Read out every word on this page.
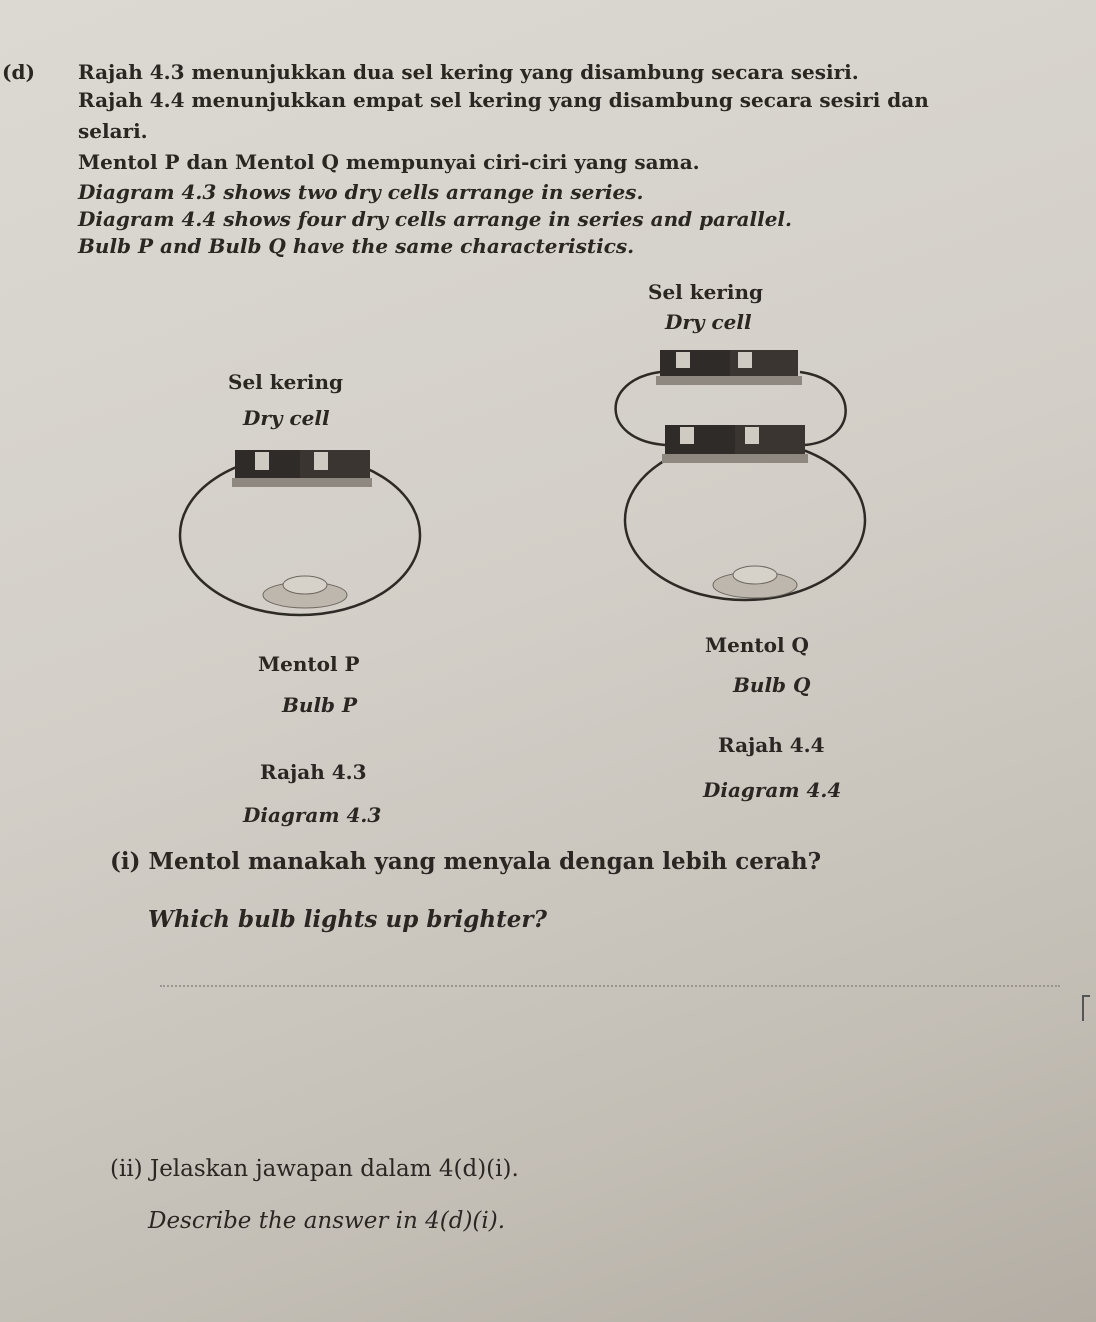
(d) Rajah 4.3 menunjukkan dua sel kering yang disambung secara sesiri.
Rajah 4.4 menunjukkan empat sel kering yang disambung secara sesiri dan
selari.
Mentol P dan Mentol Q mempunyai ciri-ciri yang sama.
Diagram 4.3 shows two dry cells arrange in series.
Diagram 4.4 shows four dry cells arrange in series and parallel.
Bulb P and Bulb Q have the same characteristics.
Sel kering
Dry cell
Sel kering
Dry cell
Mentol Q
Bulb Q
Mentol P
Bulb P
Rajah 4.4
Diagram 4.4
Rajah 4.3
Diagram 4.3
(i) Mentol manakah yang menyala dengan lebih cerah?
Which bulb lights up brighter?
(ii) Jelaskan jawapan dalam 4(d)(i).
Describe the answer in 4(d)(i).
